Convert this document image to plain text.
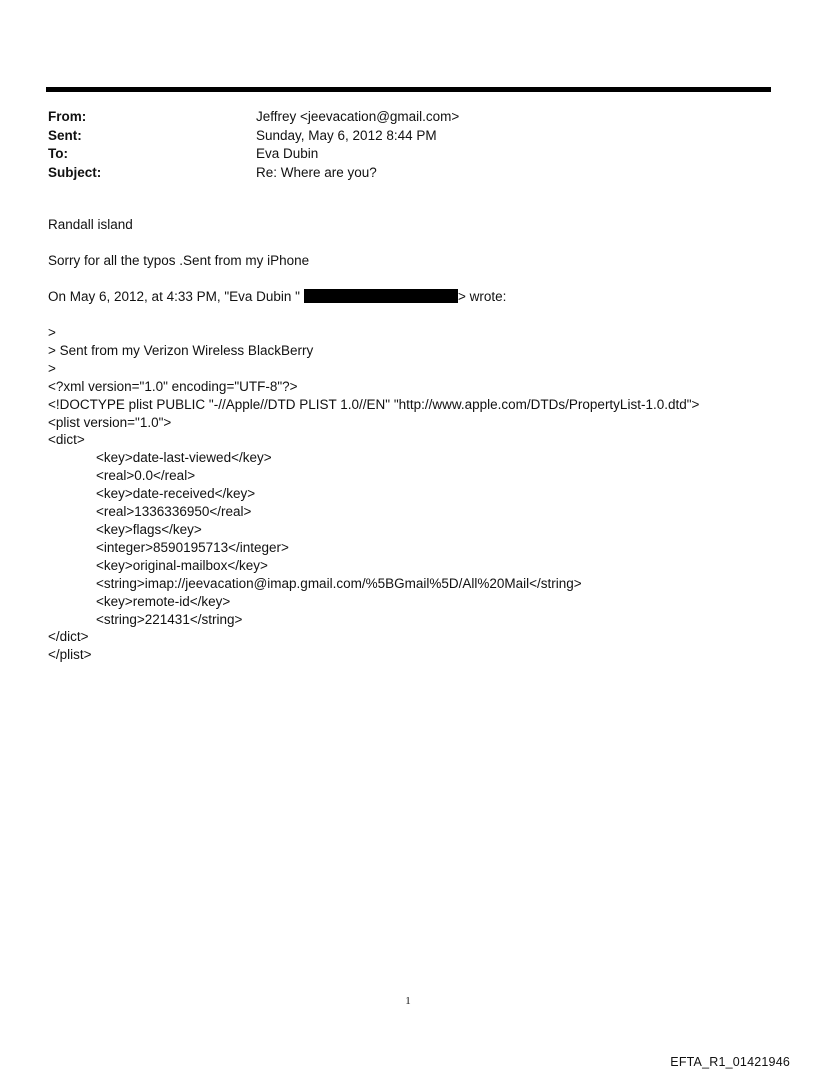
From:	Jeffrey <jeevacation@gmail.com>
Sent:	Sunday, May 6, 2012 8:44 PM
To:	Eva Dubin
Subject:	Re: Where are you?
Randall island
Sorry for all the typos .Sent from my iPhone
On May 6, 2012, at 4:33 PM, "Eva Dubin "	> wrote:
>
> Sent from my Verizon Wireless BlackBerry
>
<?xml version="1.0" encoding="UTF-8"?>
<!DOCTYPE plist PUBLIC "-//Apple//DTD PLIST 1.0//EN" "http://www.apple.com/DTDs/PropertyList-1.0.dtd">
<plist version="1.0">
<dict>
<key>date-last-viewed</key>
<real>0.0</real>
<key>date-received</key>
<real>1336336950</real>
<key>flags</key>
<integer>8590195713</integer>
<key>original-mailbox</key>
<string>imap://jeevacation@imap.gmail.com/%5BGmail%5D/All%20Mail</string>
<key>remote-id</key>
<string>221431</string>
</dict>
</plist>
1
EFTA_R1_01421946
